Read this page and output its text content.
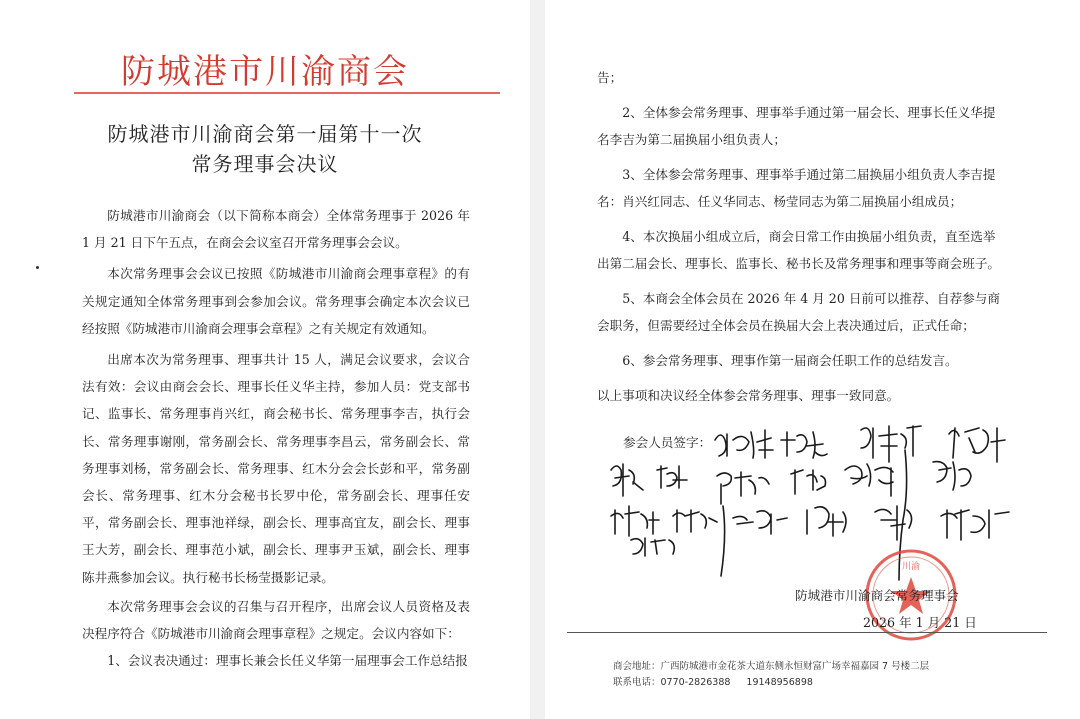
防城港市川渝商会
防城港市川渝商会第一届第十一次
常务理事会决议

防城港市川渝商会（以下简称本商会）全体常务理事于 2026 年 1 月 21 日下午五点，在商会会议室召开常务理事会会议。

本次常务理事会会议已按照《防城港市川渝商会理事章程》的有关规定通知全体常务理事到会参加会议。常务理事会确定本次会议已经按照《防城港市川渝商会理事会章程》之有关规定有效通知。

出席本次为常务理事、理事共计 15 人，满足会议要求，会议合法有效：会议由商会会长、理事长任义华主持，参加人员：党支部书记、监事长、常务理事肖兴红，商会秘书长、常务理事李吉，执行会长、常务理事谢刚，常务副会长、常务理事李昌云，常务副会长、常务理事刘杨，常务副会长、常务理事、红木分会会长彭和平，常务副会长、常务理事、红木分会秘书长罗中伦，常务副会长、理事任安平，常务副会长、理事池祥绿，副会长、理事高宜友，副会长、理事王大芳，副会长、理事范小斌，副会长、理事尹玉斌，副会长、理事陈井燕参加会议。执行秘书长杨莹摄影记录。

本次常务理事会会议的召集与召开程序，出席会议人员资格及表决程序符合《防城港市川渝商会理事章程》之规定。会议内容如下：

1、会议表决通过：理事长兼会长任义华第一届理事会工作总结报

告；

2、全体参会常务理事、理事举手通过第一届会长、理事长任义华提名李吉为第二届换届小组负责人；

3、全体参会常务理事、理事举手通过第二届换届小组负责人李吉提名：肖兴红同志、任义华同志、杨莹同志为第二届换届小组成员；

4、本次换届小组成立后，商会日常工作由换届小组负责，直至选举出第二届会长、理事长、监事长、秘书长及常务理事和理事等商会班子。

5、本商会全体会员在 2026 年 4 月 20 日前可以推荐、自荐参与商会职务，但需要经过全体会员在换届大会上表决通过后，正式任命；

6、参会常务理事、理事作第一届商会任职工作的总结发言。

以上事项和决议经全体参会常务理事、理事一致同意。

参会人员签字：
川渝
防城港市川渝商会常务理事会
2026 年 1 月 21 日
商会地址：广西防城港市金花茶大道东侧永恒财富广场幸福嘉园 7 号楼二层
联系电话：0770-2826388 19148956898
